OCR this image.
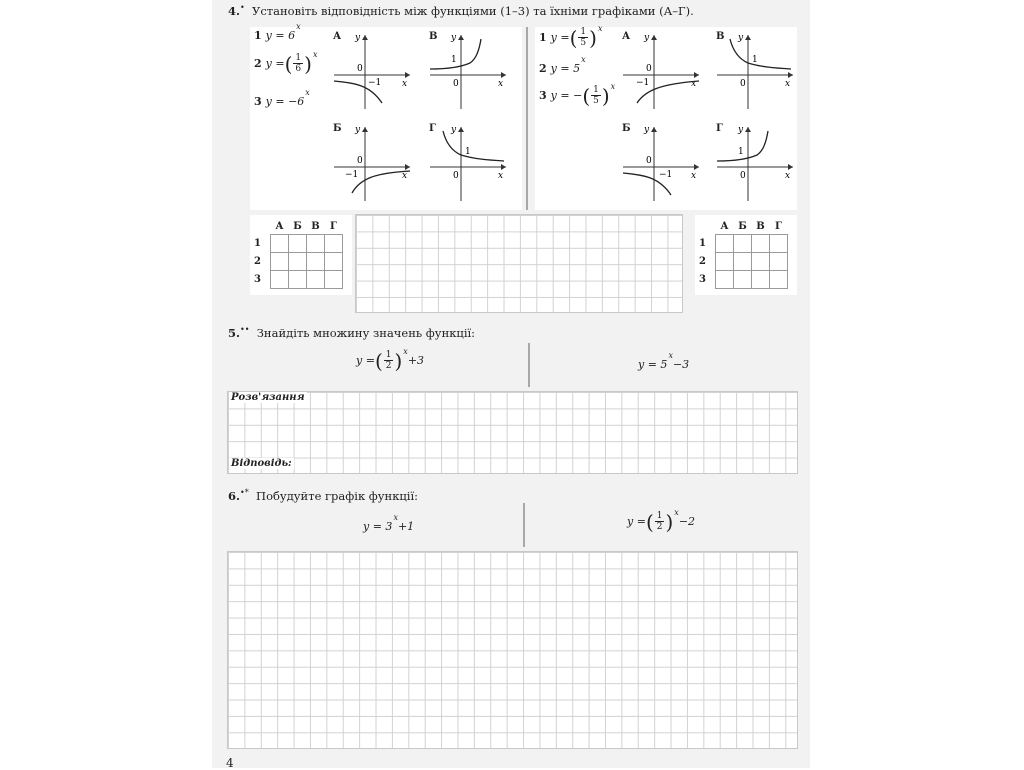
4.• Установіть відповідність між функціями (1–3) та їхніми графіками (А–Г).
1 y = 6
x
2 y = ( $\frac{1}{6}$ ) x
3 y = −6
x
А y
x
0
−1
В y
x
0
1
Б y
x
0
−1
Г y
x
0
1
1 y = ( $\frac{1}{5}$ ) x
2 y = 5
x
3 y = − ( $\frac{1}{5}$ ) x
А y
x
0
−1
В y
x
0
1
Б y
x
0
−1
Г y
x
0
1
	А	Б	В	Г
1				
2				
3				
	А	Б	В	Г
1				
2				
3				
5.•• Знайдіть множину значень функції:
y = ( $\frac{1}{2}$ ) x
+3	y = 5
x
−3
Розв'язання
Відповідь:
6.•* Побудуйте графік функції:
y = 3
x
+1	y = ( $\frac{1}{2}$ ) x
−2
4
